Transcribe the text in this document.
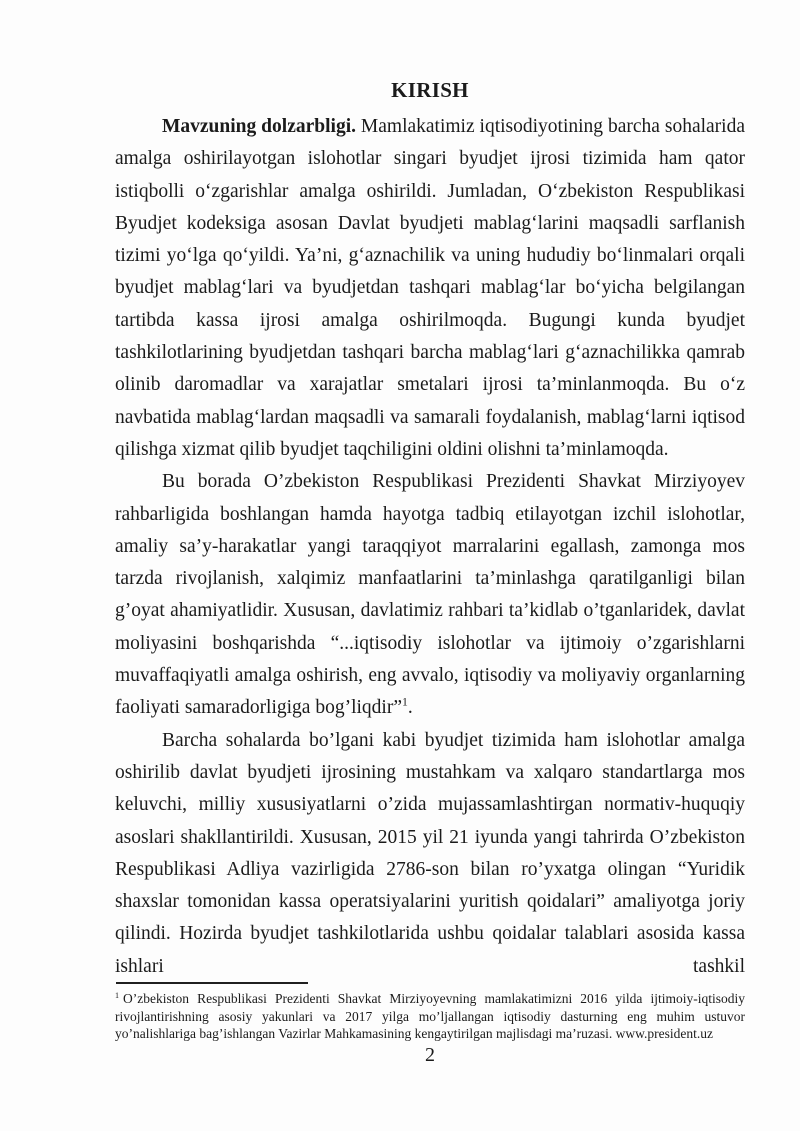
KIRISH

Mavzuning dolzarbligi. Mamlakatimiz iqtisodiyotining barcha sohalarida amalga oshirilayotgan islohotlar singari byudjet ijrosi tizimida ham qator istiqbolli o‘zgarishlar amalga oshirildi. Jumladan, O‘zbekiston Respublikasi Byudjet kodeksiga asosan Davlat byudjeti mablag‘larini maqsadli sarflanish tizimi yo‘lga qo‘yildi. Ya’ni, g‘aznachilik va uning hududiy bo‘linmalari orqali byudjet mablag‘lari va byudjetdan tashqari mablag‘lar bo‘yicha belgilangan tartibda kassa ijrosi amalga oshirilmoqda. Bugungi kunda byudjet tashkilotlarining byudjetdan tashqari barcha mablag‘lari g‘aznachilikka qamrab olinib daromadlar va xarajatlar smetalari ijrosi ta’minlanmoqda. Bu o‘z navbatida mablag‘lardan maqsadli va samarali foydalanish, mablag‘larni iqtisod qilishga xizmat qilib byudjet taqchiligini oldini olishni ta’minlamoqda.

Bu borada O’zbekiston Respublikasi Prezidenti Shavkat Mirziyoyev rahbarligida boshlangan hamda hayotga tadbiq etilayotgan izchil islohotlar, amaliy sa’y-harakatlar yangi taraqqiyot marralarini egallash, zamonga mos tarzda rivojlanish, xalqimiz manfaatlarini ta’minlashga qaratilganligi bilan g’oyat ahamiyatlidir. Xususan, davlatimiz rahbari ta’kidlab o’tganlaridek, davlat moliyasini boshqarishda “...iqtisodiy islohotlar va ijtimoiy o’zgarishlarni muvaffaqiyatli amalga oshirish, eng avvalo, iqtisodiy va moliyaviy organlarning faoliyati samaradorligiga bog’liqdir”$^1$.

Barcha sohalarda bo’lgani kabi byudjet tizimida ham islohotlar amalga oshirilib davlat byudjeti ijrosining mustahkam va xalqaro standartlarga mos keluvchi, milliy xususiyatlarni o’zida mujassamlashtirgan normativ-huquqiy asoslari shakllantirildi. Xususan, 2015 yil 21 iyunda yangi tahrirda O’zbekiston Respublikasi Adliya vazirligida 2786-son bilan ro’yxatga olingan “Yuridik shaxslar tomonidan kassa operatsiyalarini yuritish qoidalari” amaliyotga joriy qilindi. Hozirda byudjet tashkilotlarida ushbu qoidalar talablari asosida kassa ishlari tashkil

$^1$ O’zbekiston Respublikasi Prezidenti Shavkat Mirziyoyevning mamlakatimizni 2016 yilda ijtimoiy-iqtisodiy rivojlantirishning asosiy yakunlari va 2017 yilga mo’ljallangan iqtisodiy dasturning eng muhim ustuvor yo’nalishlariga bag’ishlangan Vazirlar Mahkamasining kengaytirilgan majlisdagi ma’ruzasi. www.president.uz
2
